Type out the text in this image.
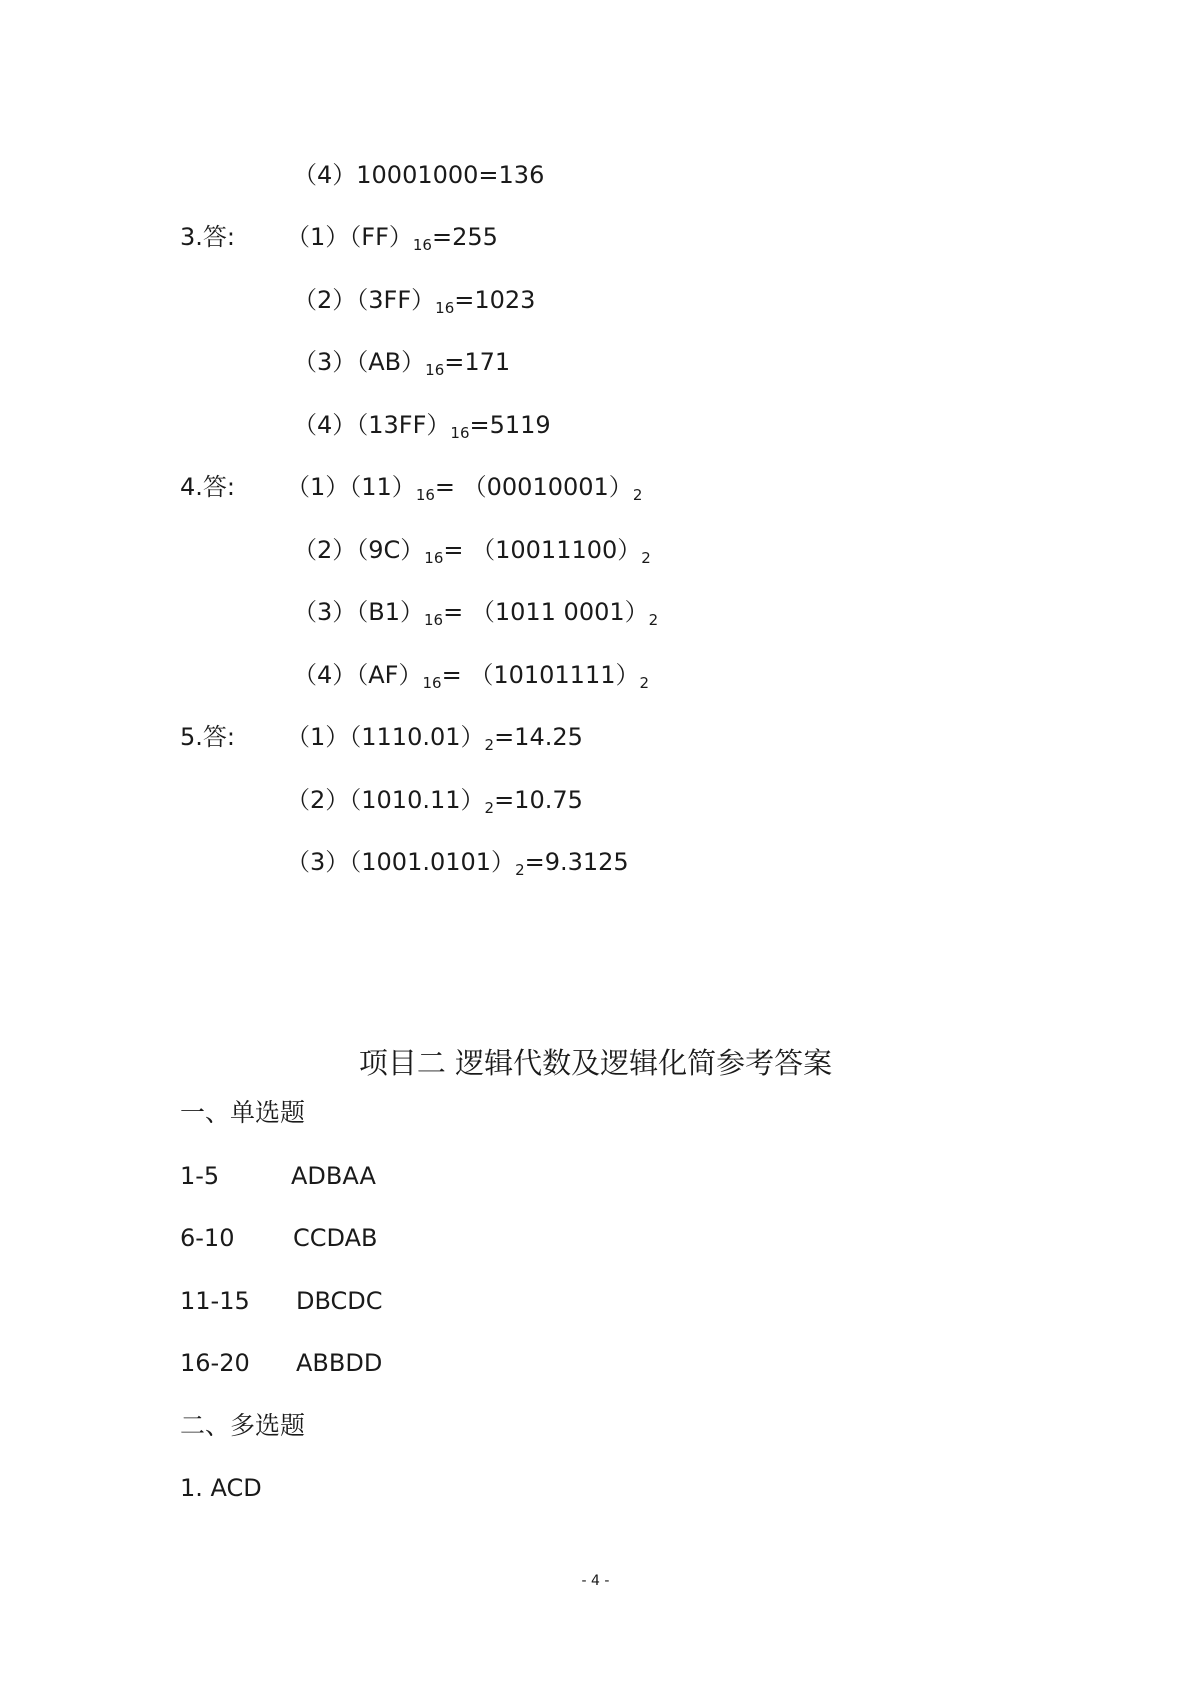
（4）10001000=136
3.答: $(1)(FF)_{16}=255$
$(2)(3FF)_{16}=1023$
$(3)(AB)_{16}=171$
$(4)(13FF)_{16}=5119$
4.答: $(1)(11)_{16}= (00010001)_2$
$(2)(9C)_{16}= (10011100)_2$
$(3)(B1)_{16}= (1011$ $0001)_2$
$(4)(AF)_{16}= (10101111)_2$
5.答: $(1)(1110.01)_2=14.25$
$(2)(1010.11)_2=10.75$
$(3)(1001.0101)_2=9.3125$
项目二 逻辑代数及逻辑化简参考答案
一、单选题
1-5	ADBAA
6-10 CCDAB
11-15 DBCDC
16-20 ABBDD
二、多选题
1. ACD
- 4 -
